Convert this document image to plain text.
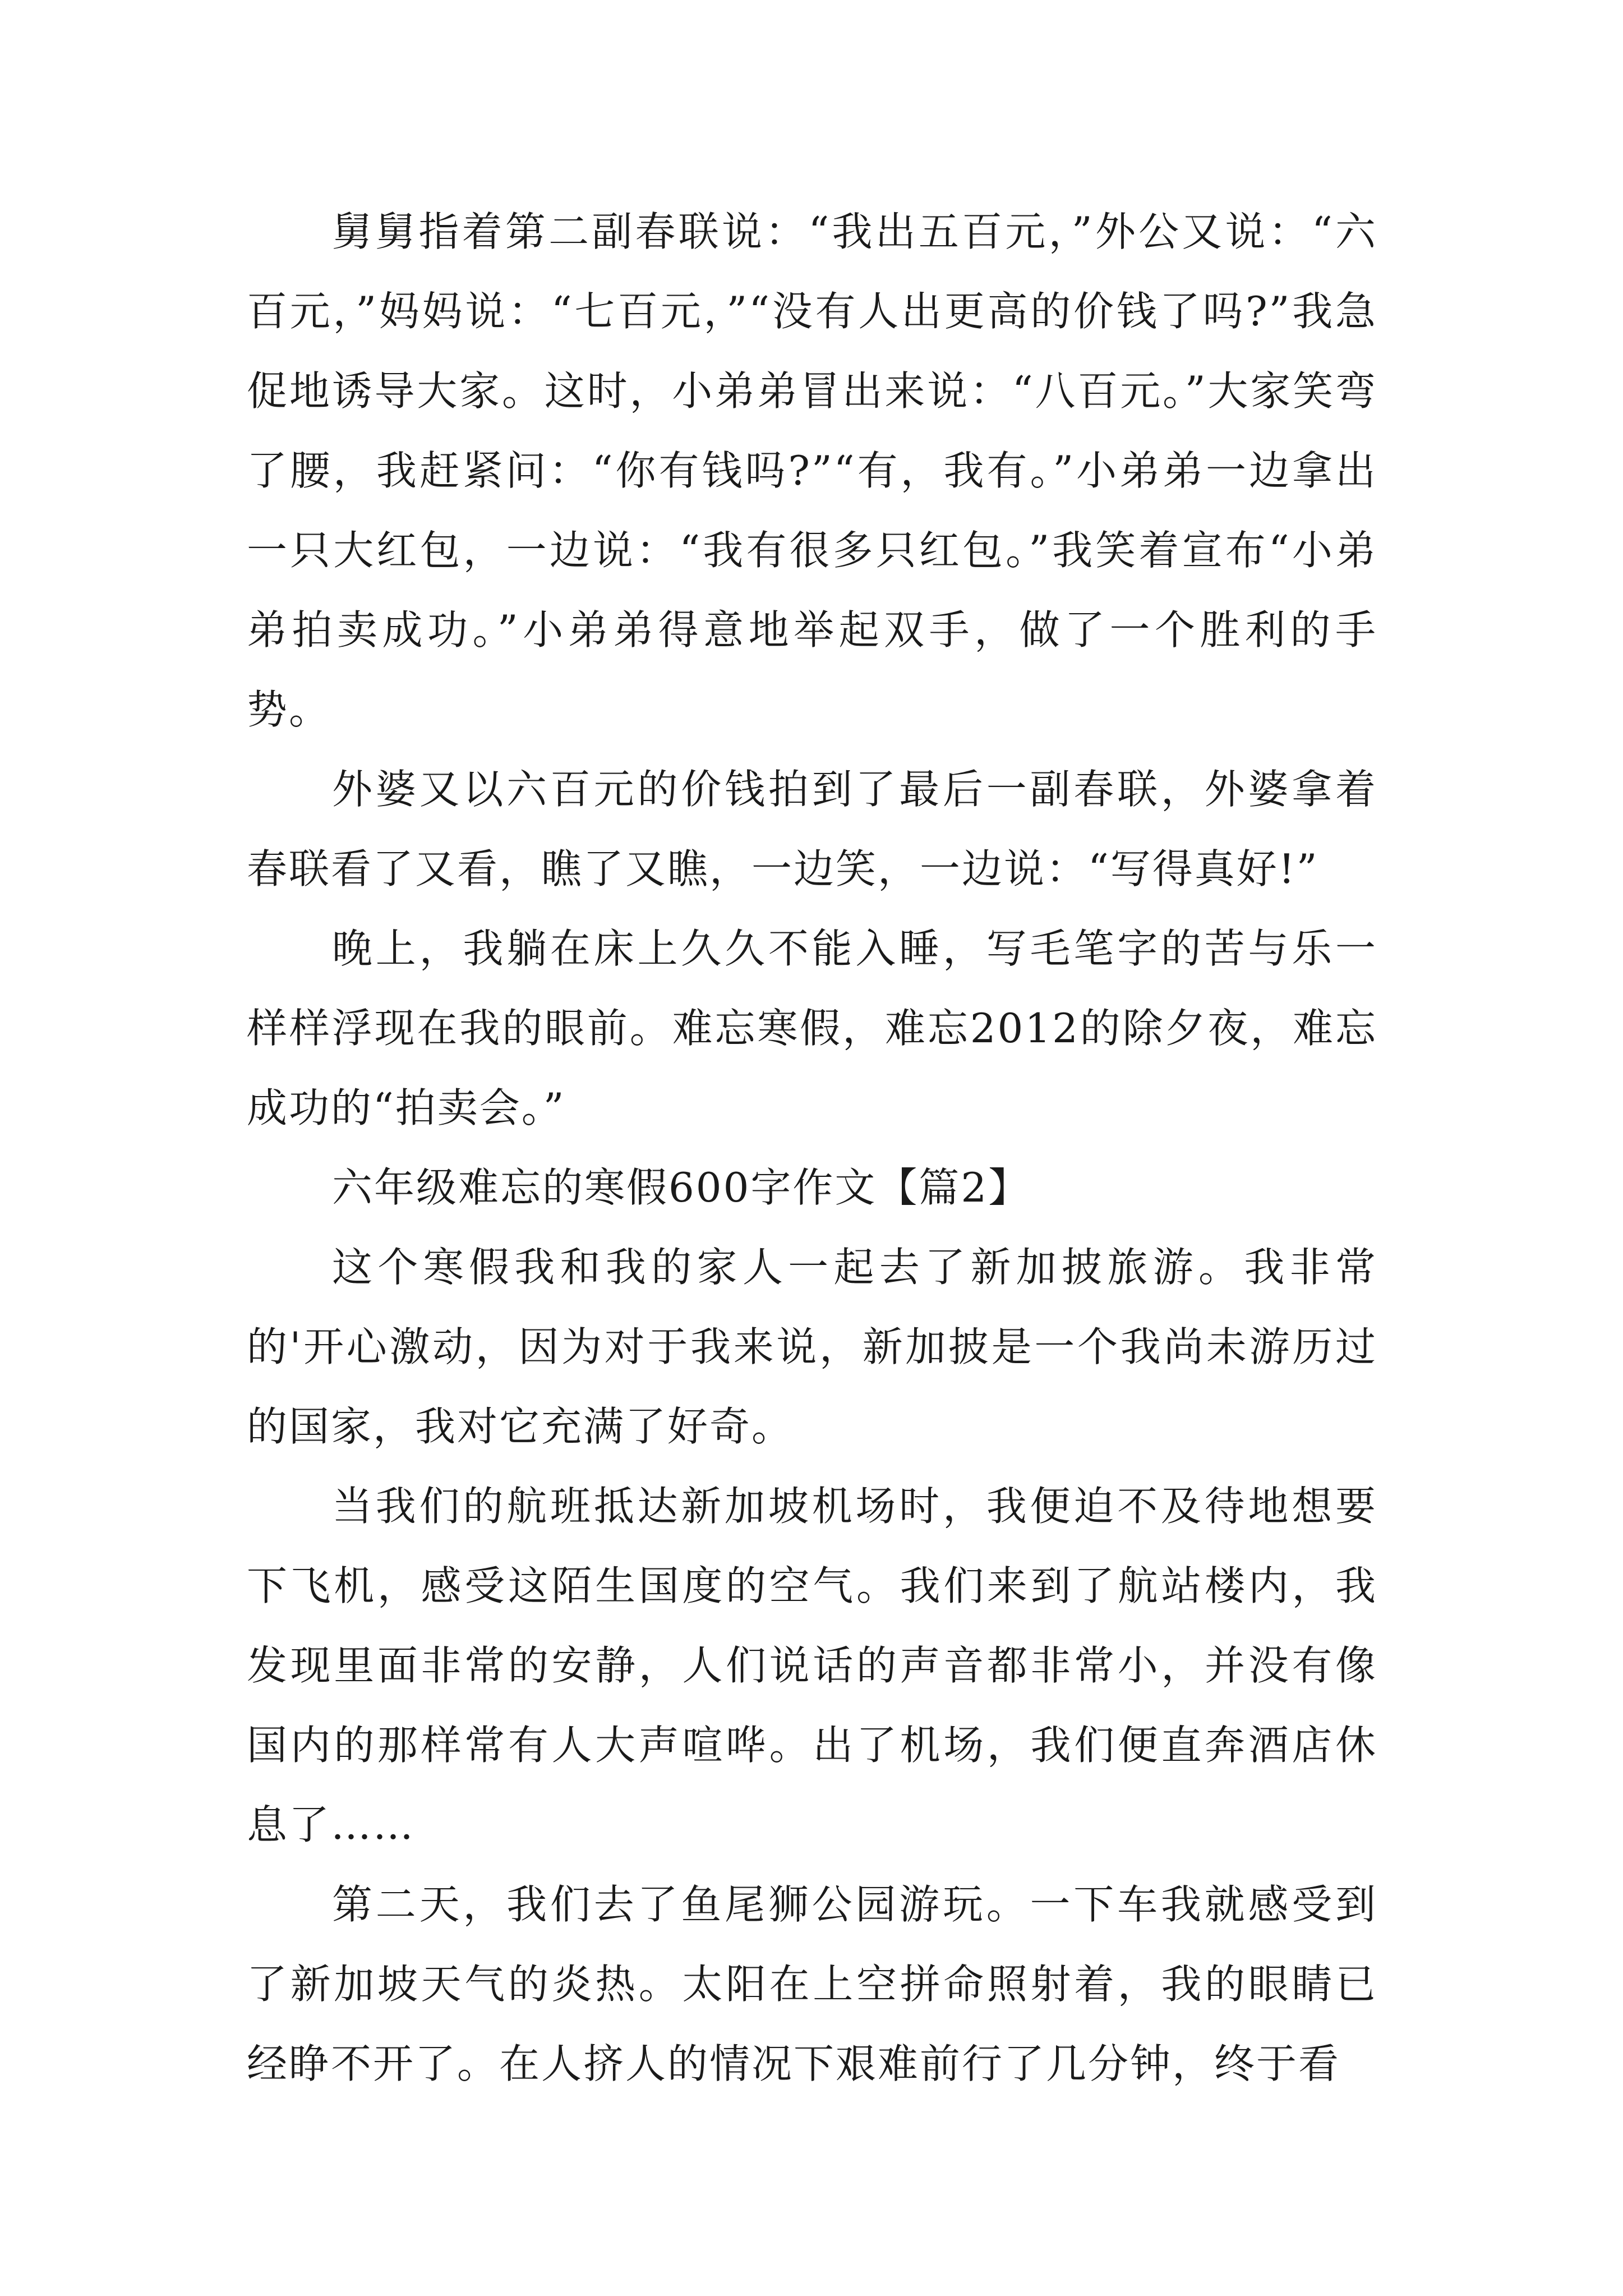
舅舅指着第二副春联说：“我出五百元，”外公又说：“六百元，”妈妈说：“七百元，”“没有人出更高的价钱了吗?”我急促地诱导大家。这时，小弟弟冒出来说：“八百元。”大家笑弯了腰，我赶紧问：“你有钱吗?”“有，我有。”小弟弟一边拿出一只大红包，一边说：“我有很多只红包。”我笑着宣布“小弟弟拍卖成功。”小弟弟得意地举起双手，做了一个胜利的手势。

外婆又以六百元的价钱拍到了最后一副春联，外婆拿着春联看了又看，瞧了又瞧，一边笑，一边说：“写得真好!”

晚上，我躺在床上久久不能入睡，写毛笔字的苦与乐一样样浮现在我的眼前。难忘寒假，难忘2012的除夕夜，难忘成功的“拍卖会。”

六年级难忘的寒假600字作文【篇2】

这个寒假我和我的家人一起去了新加披旅游。我非常的'开心激动，因为对于我来说，新加披是一个我尚未游历过的国家，我对它充满了好奇。

当我们的航班抵达新加坡机场时，我便迫不及待地想要下飞机，感受这陌生国度的空气。我们来到了航站楼内，我发现里面非常的安静，人们说话的声音都非常小，并没有像国内的那样常有人大声喧哗。出了机场，我们便直奔酒店休息了……

第二天，我们去了鱼尾狮公园游玩。一下车我就感受到了新加坡天气的炎热。太阳在上空拼命照射着，我的眼睛已经睁不开了。在人挤人的情况下艰难前行了几分钟，终于看
